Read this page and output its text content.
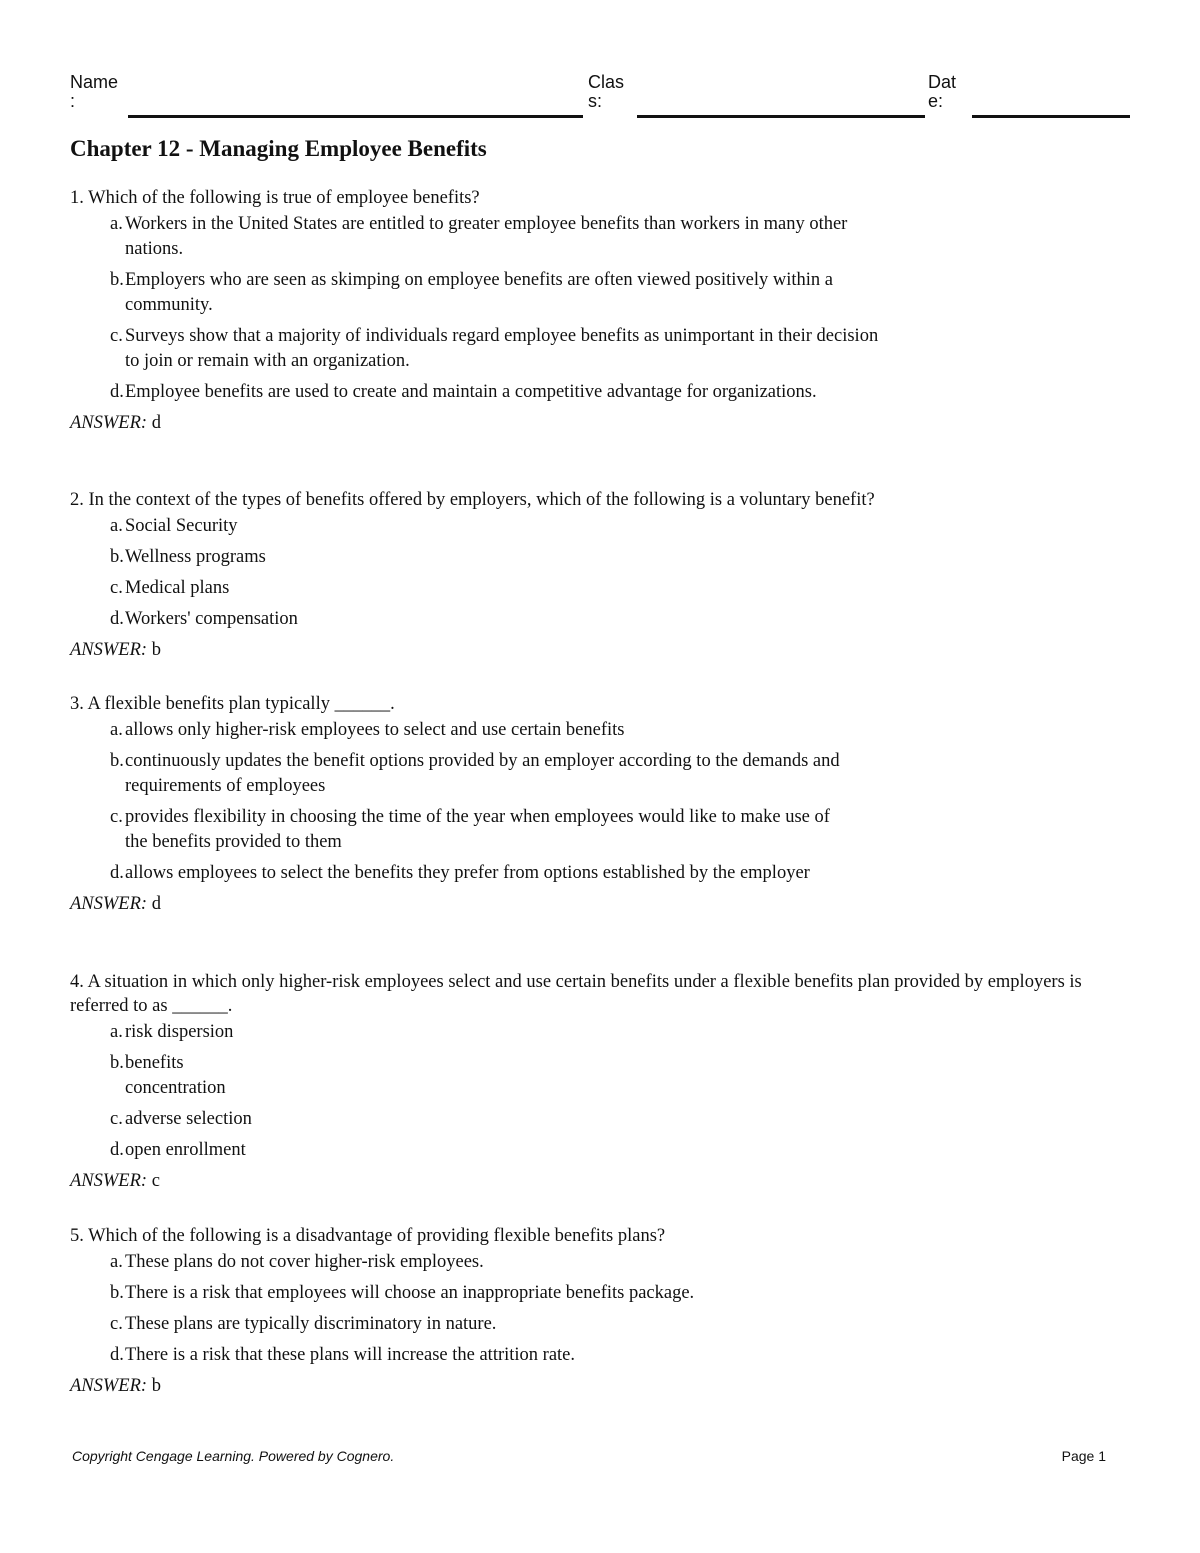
Name
:
Clas
s:
Dat
e:
Chapter 12 - Managing Employee Benefits
1. Which of the following is true of employee benefits?
a. Workers in the United States are entitled to greater employee benefits than workers in many other nations.
b. Employers who are seen as skimping on employee benefits are often viewed positively within a community.
c. Surveys show that a majority of individuals regard employee benefits as unimportant in their decision to join or remain with an organization.
d. Employee benefits are used to create and maintain a competitive advantage for organizations.
ANSWER: d
2. In the context of the types of benefits offered by employers, which of the following is a voluntary benefit?
a. Social Security
b. Wellness programs
c. Medical plans
d. Workers' compensation
ANSWER: b
3. A flexible benefits plan typically ______.
a. allows only higher-risk employees to select and use certain benefits
b. continuously updates the benefit options provided by an employer according to the demands and requirements of employees
c. provides flexibility in choosing the time of the year when employees would like to make use of the benefits provided to them
d. allows employees to select the benefits they prefer from options established by the employer
ANSWER: d
4. A situation in which only higher-risk employees select and use certain benefits under a flexible benefits plan provided by employers is referred to as ______.
a. risk dispersion
b. benefits concentration
c. adverse selection
d. open enrollment
ANSWER: c
5. Which of the following is a disadvantage of providing flexible benefits plans?
a. These plans do not cover higher-risk employees.
b. There is a risk that employees will choose an inappropriate benefits package.
c. These plans are typically discriminatory in nature.
d. There is a risk that these plans will increase the attrition rate.
ANSWER: b
Copyright Cengage Learning. Powered by Cognero.	Page 1
